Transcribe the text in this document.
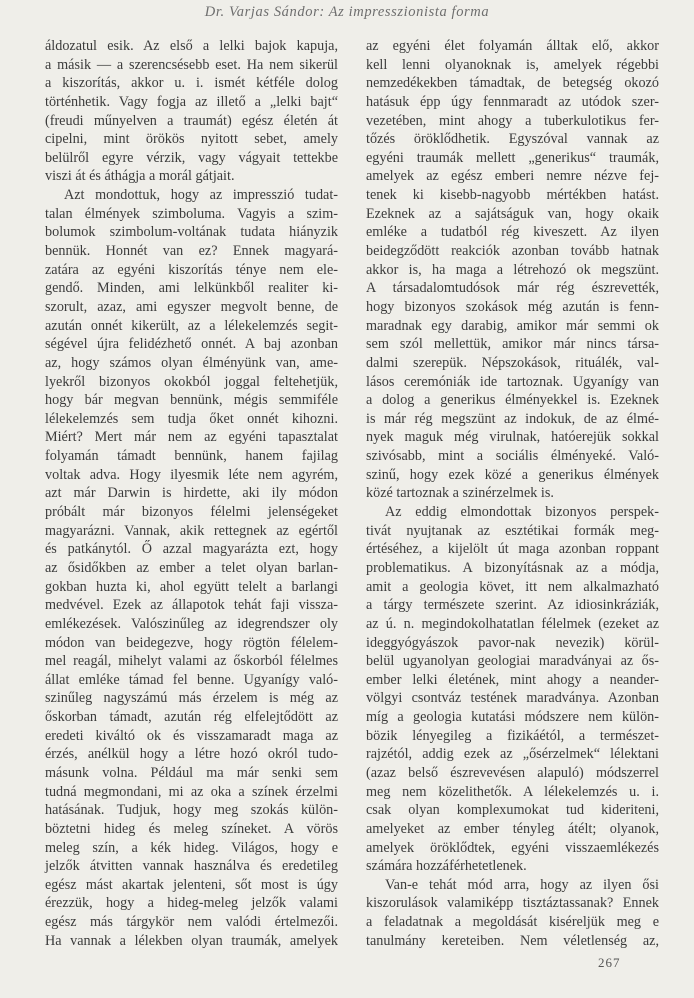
Dr. Varjas Sándor: Az impresszionista forma
áldozatul esik. Az első a lelki bajok kapuja,
a másik — a szerencsésebb eset. Ha nem sikerül
a kiszorítás, akkor u. i. ismét kétféle dolog
történhetik. Vagy fogja az illető a „lelki bajt“
(freudi műnyelven a traumát) egész életén át
cipelni, mint örökös nyitott sebet, amely
belülről egyre vérzik, vagy vágyait tettekbe
viszi át és áthágja a morál gátjait.
Azt mondottuk, hogy az impresszió tudat-
talan élmények szimboluma. Vagyis a szim-
bolumok szimbolum-voltának tudata hiányzik
bennük. Honnét van ez? Ennek magyará-
zatára az egyéni kiszorítás ténye nem ele-
gendő. Minden, ami lelkünkből realiter ki-
szorult, azaz, ami egyszer megvolt benne, de
azután onnét kikerült, az a lélekelemzés segit-
ségével újra felidézhető onnét. A baj azonban
az, hogy számos olyan élményünk van, ame-
lyekről bizonyos okokból joggal feltehetjük,
hogy bár megvan bennünk, mégis semmiféle
lélekelemzés sem tudja őket onnét kihozni.
Miért? Mert már nem az egyéni tapasztalat
folyamán támadt bennünk, hanem fajilag
voltak adva. Hogy ilyesmik léte nem agyrém,
azt már Darwin is hirdette, aki ily módon
próbált már bizonyos félelmi jelenségeket
magyarázni. Vannak, akik rettegnek az egértől
és patkánytól. Ő azzal magyarázta ezt, hogy
az ősidőkben az ember a telet olyan barlan-
gokban huzta ki, ahol együtt telelt a barlangi
medvével. Ezek az állapotok tehát faji vissza-
emlékezések. Valószinűleg az idegrendszer oly
módon van beidegezve, hogy rögtön félelem-
mel reagál, mihelyt valami az őskorból félelmes
állat emléke támad fel benne. Ugyanígy való-
szinűleg nagyszámú más érzelem is még az
őskorban támadt, azután rég elfelejtődött az
eredeti kiváltó ok és visszamaradt maga az
érzés, anélkül hogy a létre hozó okról tudo-
másunk volna. Például ma már senki sem
tudná megmondani, mi az oka a színek érzelmi
hatásának. Tudjuk, hogy meg szokás külön-
böztetni hideg és meleg színeket. A vörös
meleg szín, a kék hideg. Világos, hogy e
jelzők átvitten vannak használva és eredetileg
egész mást akartak jelenteni, sőt most is úgy
érezzük, hogy a hideg-meleg jelzők valami
egész más tárgykör nem valódi értelmezői.
Ha vannak a lélekben olyan traumák, amelyek
az egyéni élet folyamán álltak elő, akkor
kell lenni olyanoknak is, amelyek régebbi
nemzedékekben támadtak, de betegség okozó
hatásuk épp úgy fennmaradt az utódok szer-
vezetében, mint ahogy a tuberkulotikus fer-
tőzés öröklődhetik. Egyszóval vannak az
egyéni traumák mellett „generikus“ traumák,
amelyek az egész emberi nemre nézve fej-
tenek ki kisebb-nagyobb mértékben hatást.
Ezeknek az a sajátságuk van, hogy okaik
emléke a tudatból rég kiveszett. Az ilyen
beidegződött reakciók azonban tovább hatnak
akkor is, ha maga a létrehozó ok megszünt.
A társadalomtudósok már rég észrevették,
hogy bizonyos szokások még azután is fenn-
maradnak egy darabig, amikor már semmi ok
sem szól mellettük, amikor már nincs társa-
dalmi szerepük. Népszokások, rituálék, val-
lásos ceremóniák ide tartoznak. Ugyanígy van
a dolog a generikus élményekkel is. Ezeknek
is már rég megszünt az indokuk, de az élmé-
nyek maguk még virulnak, hatóerejük sokkal
szivósabb, mint a sociális élményeké. Való-
szinű, hogy ezek közé a generikus élmények
közé tartoznak a szinérzelmek is.
Az eddig elmondottak bizonyos perspek-
tivát nyujtanak az esztétikai formák meg-
értéséhez, a kijelölt út maga azonban roppant
problematikus. A bizonyításnak az a módja,
amit a geologia követ, itt nem alkalmazható
a tárgy természete szerint. Az idiosinkráziák,
az ú. n. megindokolhatatlan félelmek (ezeket az
ideggyógyászok pavor-nak nevezik) körül-
belül ugyanolyan geologiai maradványai az ős-
ember lelki életének, mint ahogy a neander-
völgyi csontváz testének maradványa. Azonban
míg a geologia kutatási módszere nem külön-
bözik lényegileg a fizikáétól, a természet-
rajzétól, addig ezek az „ősérzelmek“ lélektani
(azaz belső észrevevésen alapuló) módszerrel
meg nem közelithetők. A lélekelemzés u. i.
csak olyan komplexumokat tud kideriteni,
amelyeket az ember tényleg átélt; olyanok,
amelyek öröklődtek, egyéni visszaemlékezés
számára hozzáférhetetlenek.
Van-e tehát mód arra, hogy az ilyen ősi
kiszorulások valamiképp tisztáztassanak? Ennek
a feladatnak a megoldását kiséreljük meg e
tanulmány kereteiben. Nem véletlenség az,
267
